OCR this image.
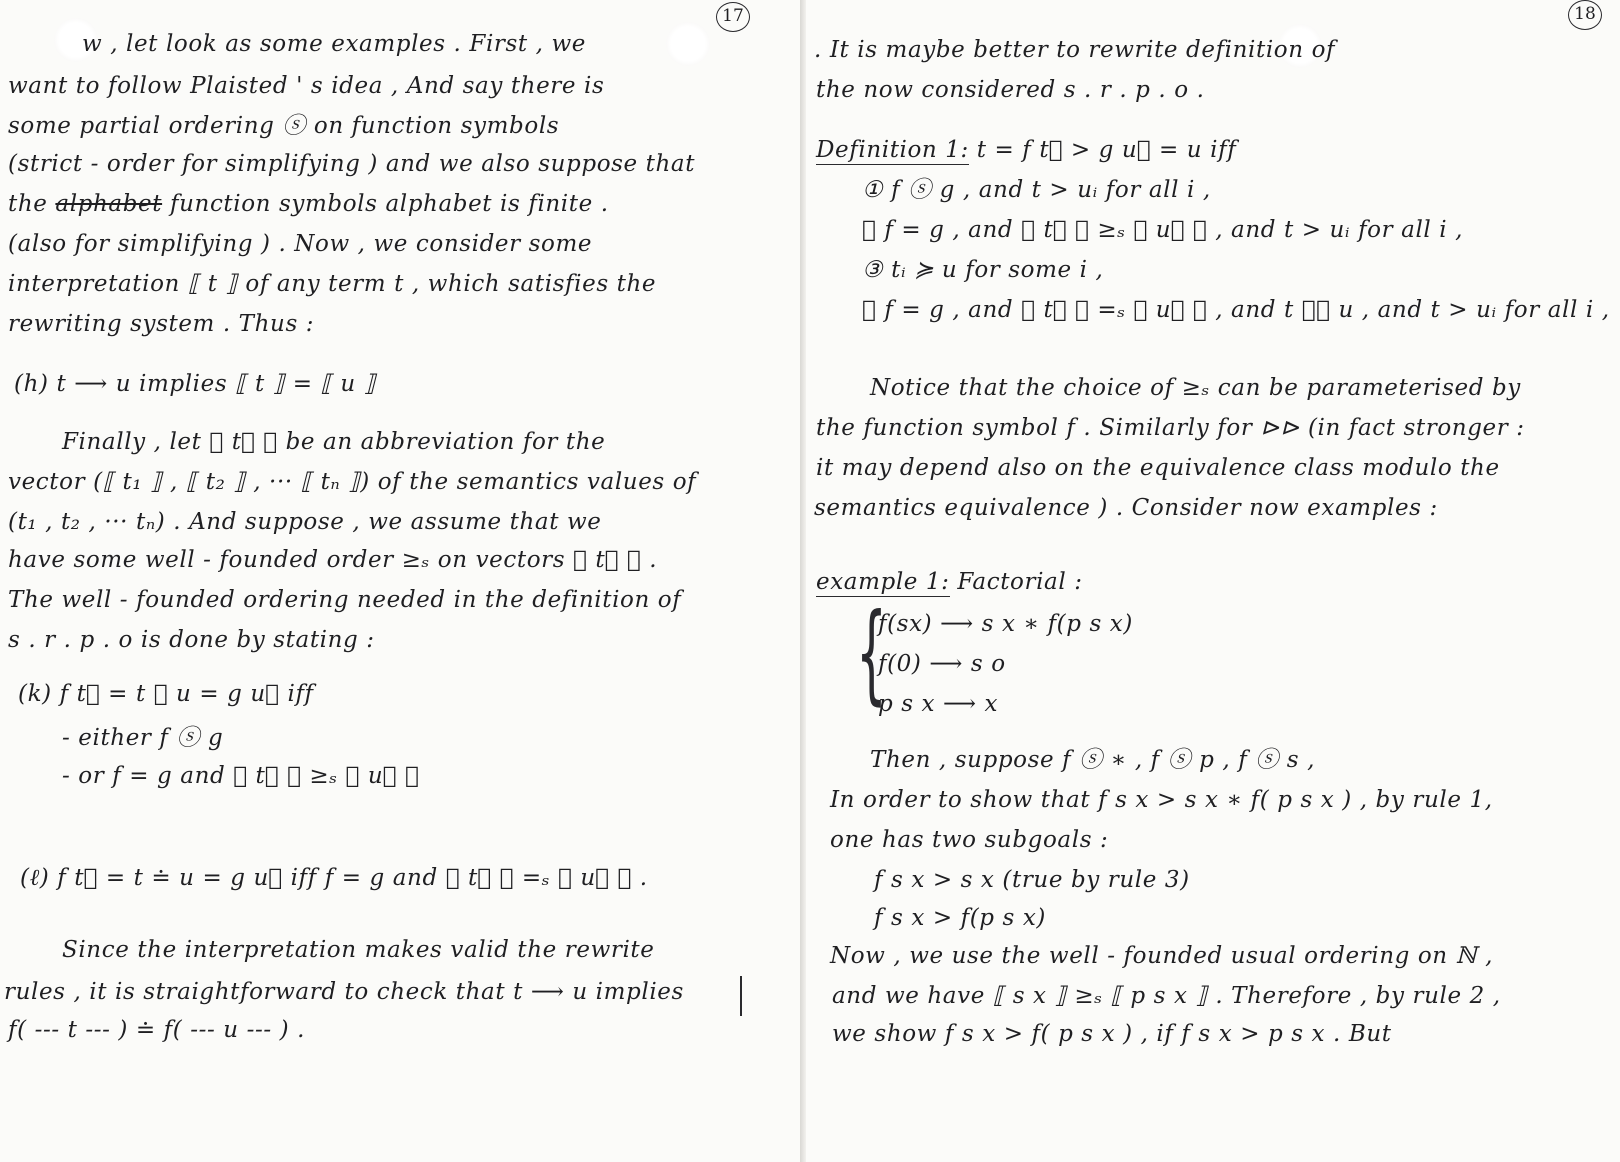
17
w , let look as some examples . First , we
want to follow Plaisted ' s idea , And say there is
some partial ordering ⓢ on function symbols
(strict - order for simplifying ) and we also suppose that
the alphabet function symbols alphabet is finite .
(also for simplifying ) . Now , we consider some
interpretation ⟦ t ⟧ of any term t , which satisfies the
rewriting system . Thus :
(h) t ⟶ u implies ⟦ t ⟧ = ⟦ u ⟧
Finally , let ⟦ t⃗ ⟧ be an abbreviation for the
vector (⟦ t₁ ⟧ , ⟦ t₂ ⟧ , ··· ⟦ tₙ ⟧) of the semantics values of
(t₁ , t₂ , ··· tₙ) . And suppose , we assume that we
have some well - founded order ≥ₛ on vectors ⟦ t⃗ ⟧ .
The well - founded ordering needed in the definition of
s . r . p . o is done by stating :
(k) f t⃗ = t ≽ u = g u⃗ iff
- either f ⓢ g
- or f = g and ⟦ t⃗ ⟧ ≥ₛ ⟦ u⃗ ⟧
(ℓ) f t⃗ = t ≐ u = g u⃗ iff f = g and ⟦ t⃗ ⟧ =ₛ ⟦ u⃗ ⟧ .
Since the interpretation makes valid the rewrite
rules , it is straightforward to check that t ⟶ u implies
f( --- t --- ) ≐ f( --- u --- ) .
18
. It is maybe better to rewrite definition of
the now considered s . r . p . o .
Definition 1: t = f t⃗ > g u⃗ = u iff
① f ⓢ g , and t > uᵢ for all i ,
② f = g , and ⟦ t⃗ ⟧ ≥ₛ ⟦ u⃗ ⟧ , and t > uᵢ for all i ,
③ tᵢ ≽ u for some i ,
④ f = g , and ⟦ t⃗ ⟧ =ₛ ⟦ u⃗ ⟧ , and t ⊳⊳ u , and t > uᵢ for all i ,
Notice that the choice of ≥ₛ can be parameterised by
the function symbol f . Similarly for ⊳⊳ (in fact stronger :
it may depend also on the equivalence class modulo the
semantics equivalence ) . Consider now examples :
example 1: Factorial :
{
f(sx) ⟶ s x ∗ f(p s x)
f(0) ⟶ s o
p s x ⟶ x
Then , suppose f ⓢ ∗ , f ⓢ p , f ⓢ s ,
In order to show that f s x > s x ∗ f( p s x ) , by rule 1,
one has two subgoals :
f s x > s x (true by rule 3)
f s x > f(p s x)
Now , we use the well - founded usual ordering on ℕ ,
and we have ⟦ s x ⟧ ≥ₛ ⟦ p s x ⟧ . Therefore , by rule 2 ,
we show f s x > f( p s x ) , if f s x > p s x . But
